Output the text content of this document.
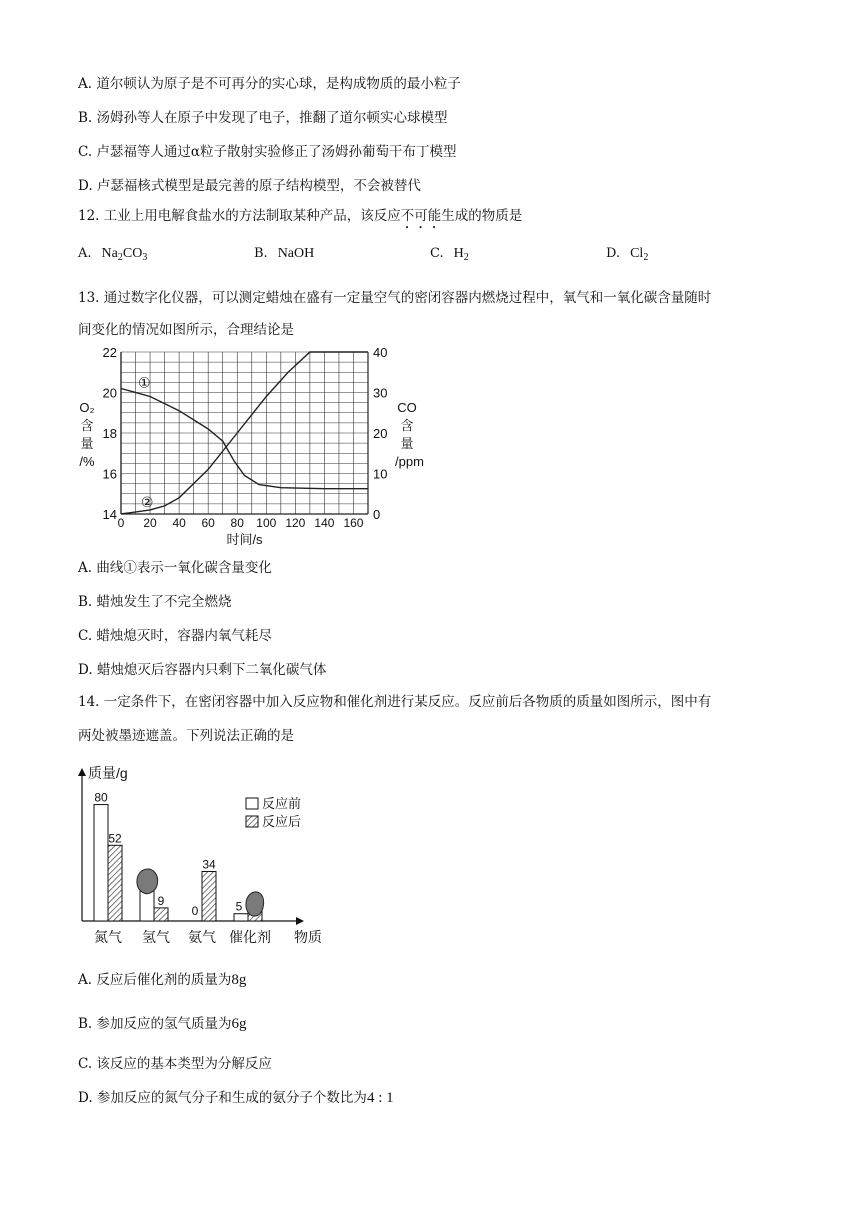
A. 道尔顿认为原子是不可再分的实心球，是构成物质的最小粒子
B. 汤姆孙等人在原子中发现了电子，推翻了道尔顿实心球模型
C. 卢瑟福等人通过α粒子散射实验修正了汤姆孙葡萄干布丁模型
D. 卢瑟福核式模型是最完善的原子结构模型，不会被替代
12. 工业上用电解食盐水的方法制取某种产品，该反应不可能生成的物质是
A. $Na_2CO_3$	B. NaOH	C. $H_2$	D. $Cl_2$
13. 通过数字化仪器，可以测定蜡烛在盛有一定量空气的密闭容器内燃烧过程中，氧气和一氧化碳含量随时
间变化的情况如图所示，合理结论是
0 20 40 60 80 100 120 140 160
14
16
18
20
22
0
10
20
30
40
时间/s
O₂
含
量
/%
CO
含
量
/ppm
①
②
A. 曲线①表示一氧化碳含量变化
B. 蜡烛发生了不完全燃烧
C. 蜡烛熄灭时，容器内氧气耗尽
D. 蜡烛熄灭后容器内只剩下二氧化碳气体
14. 一定条件下，在密闭容器中加入反应物和催化剂进行某反应。反应前后各物质的质量如图所示，图中有
两处被墨迹遮盖。下列说法正确的是
80
52
9
0
34
5
质量/g
物质
氮气 氢气 氨气 催化剂
反应前
反应后
A. 反应后催化剂的质量为8g
B. 参加反应的氢气质量为6g
C. 该反应的基本类型为分解反应
D. 参加反应的氮气分子和生成的氨分子个数比为4 : 1
